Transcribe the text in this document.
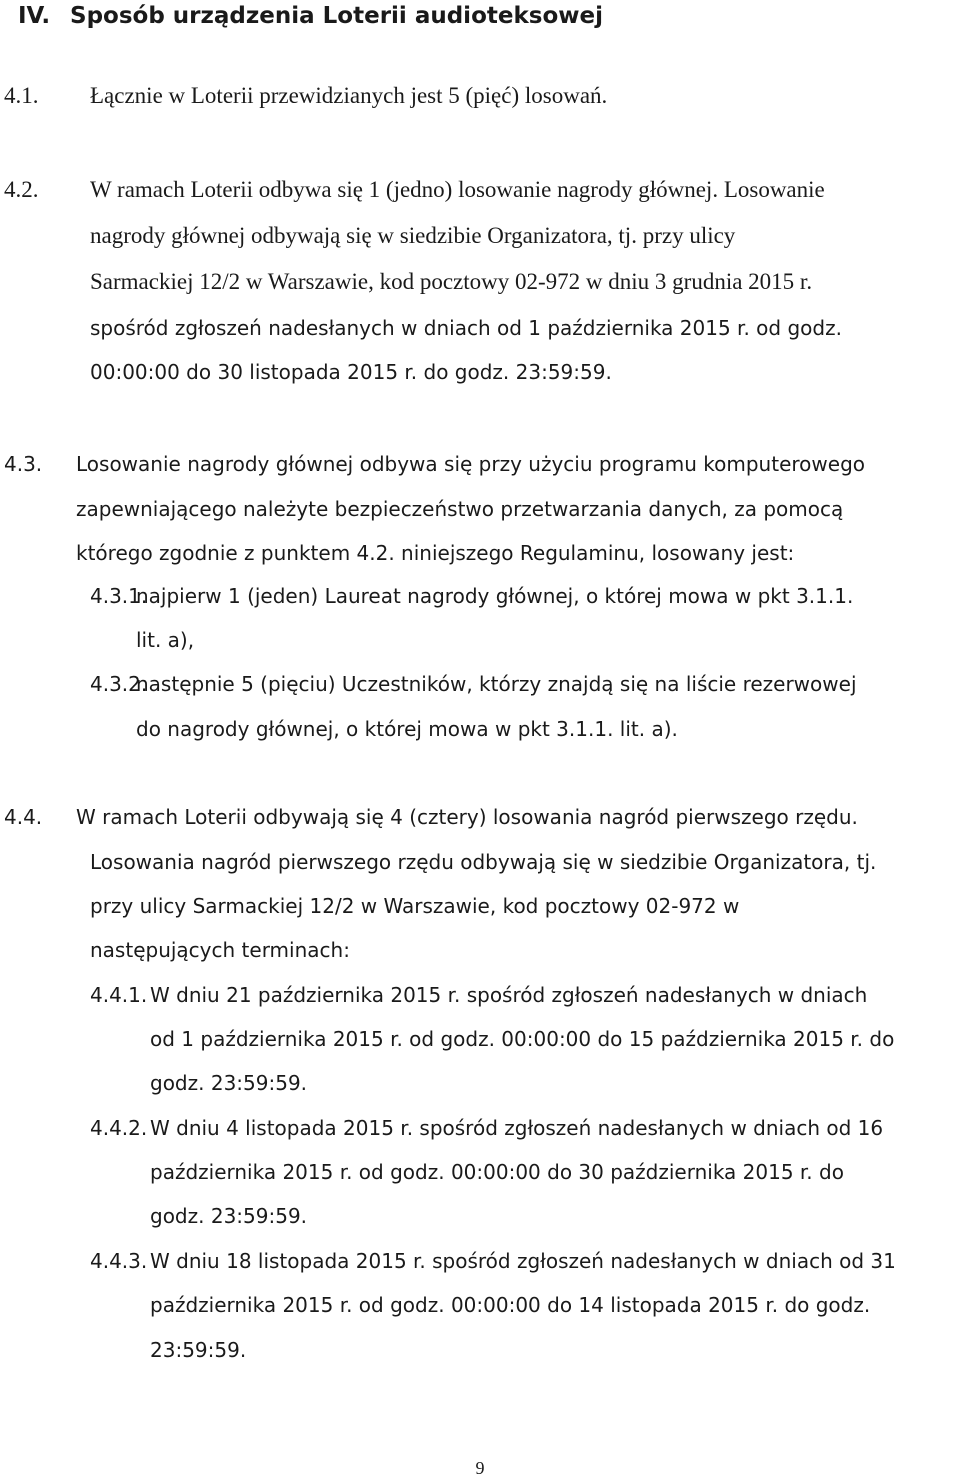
IV. Sposób urządzenia Loterii audioteksowej
4.1. Łącznie w Loterii przewidzianych jest 5 (pięć) losowań.
4.2. W ramach Loterii odbywa się 1 (jedno) losowanie nagrody głównej. Losowanie
nagrody głównej odbywają się w siedzibie Organizatora, tj. przy ulicy
Sarmackiej 12/2 w Warszawie, kod pocztowy 02-972 w dniu 3 grudnia 2015 r.
spośród zgłoszeń nadesłanych w dniach od 1 października 2015 r. od godz.
00:00:00 do 30 listopada 2015 r. do godz. 23:59:59.
4.3. Losowanie nagrody głównej odbywa się przy użyciu programu komputerowego
zapewniającego należyte bezpieczeństwo przetwarzania danych, za pomocą
którego zgodnie z punktem 4.2. niniejszego Regulaminu, losowany jest:
4.3.1.najpierw 1 (jeden) Laureat nagrody głównej, o której mowa w pkt 3.1.1.
lit. a),
4.3.2.następnie 5 (pięciu) Uczestników, którzy znajdą się na liście rezerwowej
do nagrody głównej, o której mowa w pkt 3.1.1. lit. a).
4.4. W ramach Loterii odbywają się 4 (cztery) losowania nagród pierwszego rzędu.
Losowania nagród pierwszego rzędu odbywają się w siedzibie Organizatora, tj.
przy ulicy Sarmackiej 12/2 w Warszawie, kod pocztowy 02-972 w
następujących terminach:
4.4.1. W dniu 21 października 2015 r. spośród zgłoszeń nadesłanych w dniach
od 1 października 2015 r. od godz. 00:00:00 do 15 października 2015 r. do
godz. 23:59:59.
4.4.2. W dniu 4 listopada 2015 r. spośród zgłoszeń nadesłanych w dniach od 16
października 2015 r. od godz. 00:00:00 do 30 października 2015 r. do
godz. 23:59:59.
4.4.3. W dniu 18 listopada 2015 r. spośród zgłoszeń nadesłanych w dniach od 31
października 2015 r. od godz. 00:00:00 do 14 listopada 2015 r. do godz.
23:59:59.
9
